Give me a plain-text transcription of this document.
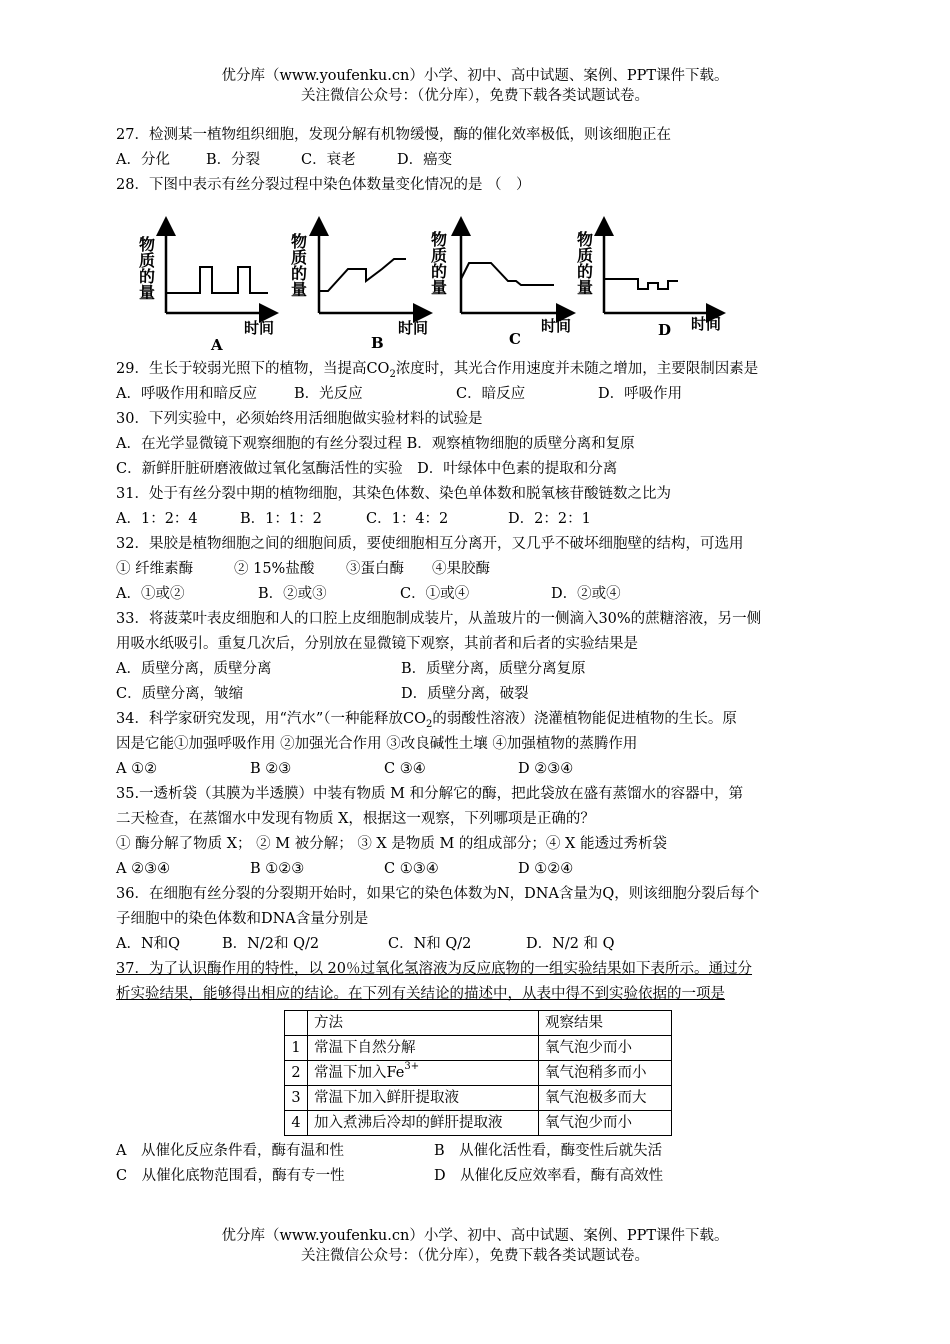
优分库（www.youfenku.cn）小学、初中、高中试题、案例、PPT课件下载。
关注微信公众号：（优分库），免费下载各类试题试卷。
27．检测某一植物组织细胞，发现分解有机物缓慢，酶的催化效率极低，则该细胞正在
A．分化	B．分裂	C．衰老	D．癌变
28．下图中表示有丝分裂过程中染色体数量变化情况的是 （　）
物质的量
时间
A
物质的量
时间
B
物质的量
时间
C
物质的量
时间
D
29．生长于较弱光照下的植物，当提高$CO_2$浓度时，其光合作用速度并未随之增加，主要限制因素是
A．呼吸作用和暗反应	B．光反应	C．暗反应	D．呼吸作用
30．下列实验中，必须始终用活细胞做实验材料的试验是
A．在光学显微镜下观察细胞的有丝分裂过程 B．观察植物细胞的质壁分离和复原
C．新鲜肝脏研磨液做过氧化氢酶活性的实验　D．叶绿体中色素的提取和分离
31．处于有丝分裂中期的植物细胞，其染色体数、染色单体数和脱氧核苷酸链数之比为
A．1：2：4	B．1：1：2	C．1：4：2	D．2：2：1
32．果胶是植物细胞之间的细胞间质，要使细胞相互分离开，又几乎不破坏细胞壁的结构，可选用
① 纤维素酶	② 15%盐酸	③蛋白酶	④果胶酶
A．①或②	B．②或③	C．①或④	D．②或④
33．将菠菜叶表皮细胞和人的口腔上皮细胞制成装片，从盖玻片的一侧滴入30%的蔗糖溶液，另一侧
用吸水纸吸引。重复几次后，分别放在显微镜下观察，其前者和后者的实验结果是
A．质壁分离，质壁分离	B．质壁分离，质壁分离复原
C．质壁分离，皱缩	D．质壁分离，破裂
34．科学家研究发现，用“汽水”（一种能释放$CO_2$的弱酸性溶液）浇灌植物能促进植物的生长。原
因是它能①加强呼吸作用 ②加强光合作用 ③改良碱性土壤 ④加强植物的蒸腾作用
A ①②	B ②③	C ③④	D ②③④
35.一透析袋（其膜为半透膜）中装有物质 M 和分解它的酶，把此袋放在盛有蒸馏水的容器中，第
二天检查，在蒸馏水中发现有物质 X，根据这一观察，下列哪项是正确的？
① 酶分解了物质 X； ② M 被分解； ③ X 是物质 M 的组成部分；④ X 能透过秀析袋
A ②③④	B ①②③	C ①③④	D ①②④
36．在细胞有丝分裂的分裂期开始时，如果它的染色体数为N，DNA含量为Q，则该细胞分裂后每个
子细胞中的染色体数和DNA含量分别是
A．N和Q	B．N/2和 Q/2	C．N和 Q/2	D．N/2 和 Q
37．为了认识酶作用的特性，以 20％过氧化氢溶液为反应底物的一组实验结果如下表所示。通过分
析实验结果，能够得出相应的结论。在下列有关结论的描述中，从表中得不到实验依据的一项是
	方法	观察结果
1	常温下自然分解	氧气泡少而小
2	常温下加入$Fe^{3+}$	氧气泡稍多而小
3	常温下加入鲜肝提取液	氧气泡极多而大
4	加入煮沸后冷却的鲜肝提取液	氧气泡少而小
A　从催化反应条件看，酶有温和性	B　从催化活性看，酶变性后就失活
C　从催化底物范围看，酶有专一性	D　从催化反应效率看，酶有高效性
优分库（www.youfenku.cn）小学、初中、高中试题、案例、PPT课件下载。
关注微信公众号：（优分库），免费下载各类试题试卷。
